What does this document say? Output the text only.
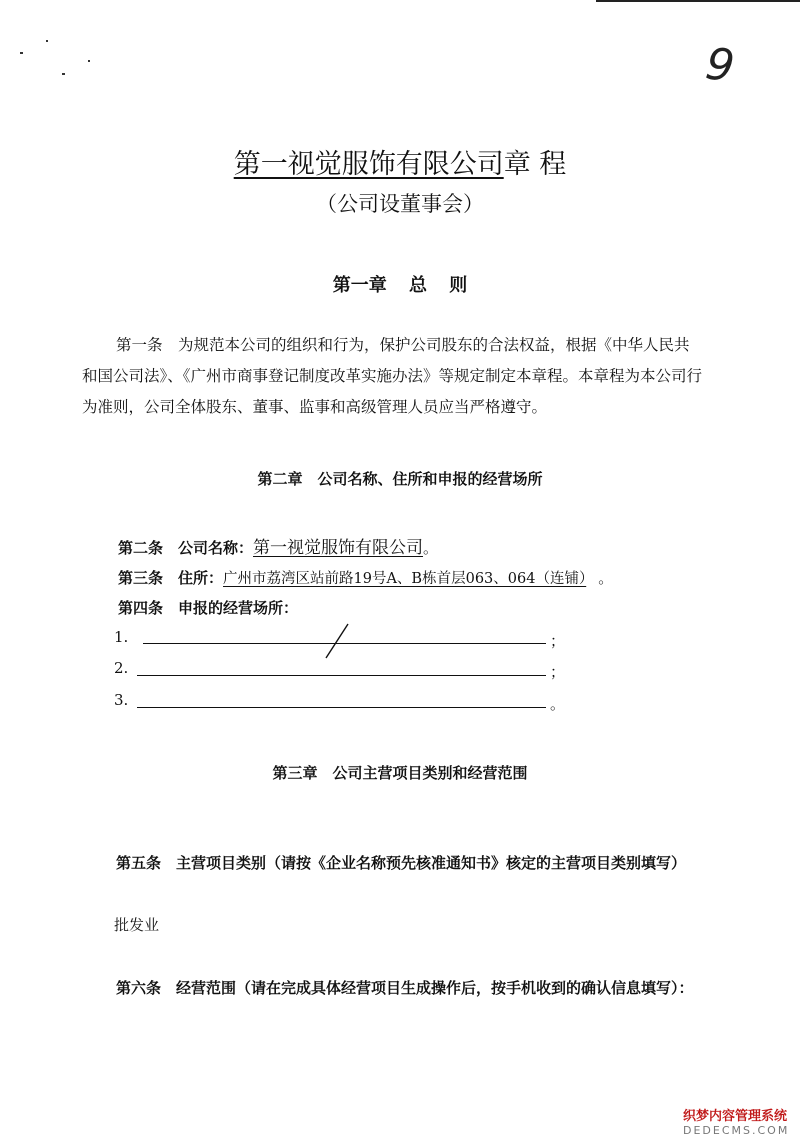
9
第一视觉服饰有限公司章 程
（公司设董事会）
第一章 总 则
第一条　为规范本公司的组织和行为，保护公司股东的合法权益，根据《中华人民共和国公司法》、《广州市商事登记制度改革实施办法》等规定制定本章程。本章程为本公司行为准则，公司全体股东、董事、监事和高级管理人员应当严格遵守。
第二章　公司名称、住所和申报的经营场所
第二条　公司名称：第一视觉服饰有限公司。
第三条　住所：广州市荔湾区站前路19号A、B栋首层063、064（连铺） 。
第四条　申报的经营场所：
1.	；
2.	；
3.	。
第三章　公司主营项目类别和经营范围
第五条　主营项目类别（请按《企业名称预先核准通知书》核定的主营项目类别填写）
批发业
第六条　经营范围（请在完成具体经营项目生成操作后，按手机收到的确认信息填写）：
织梦内容管理系统
DEDECMS.COM
